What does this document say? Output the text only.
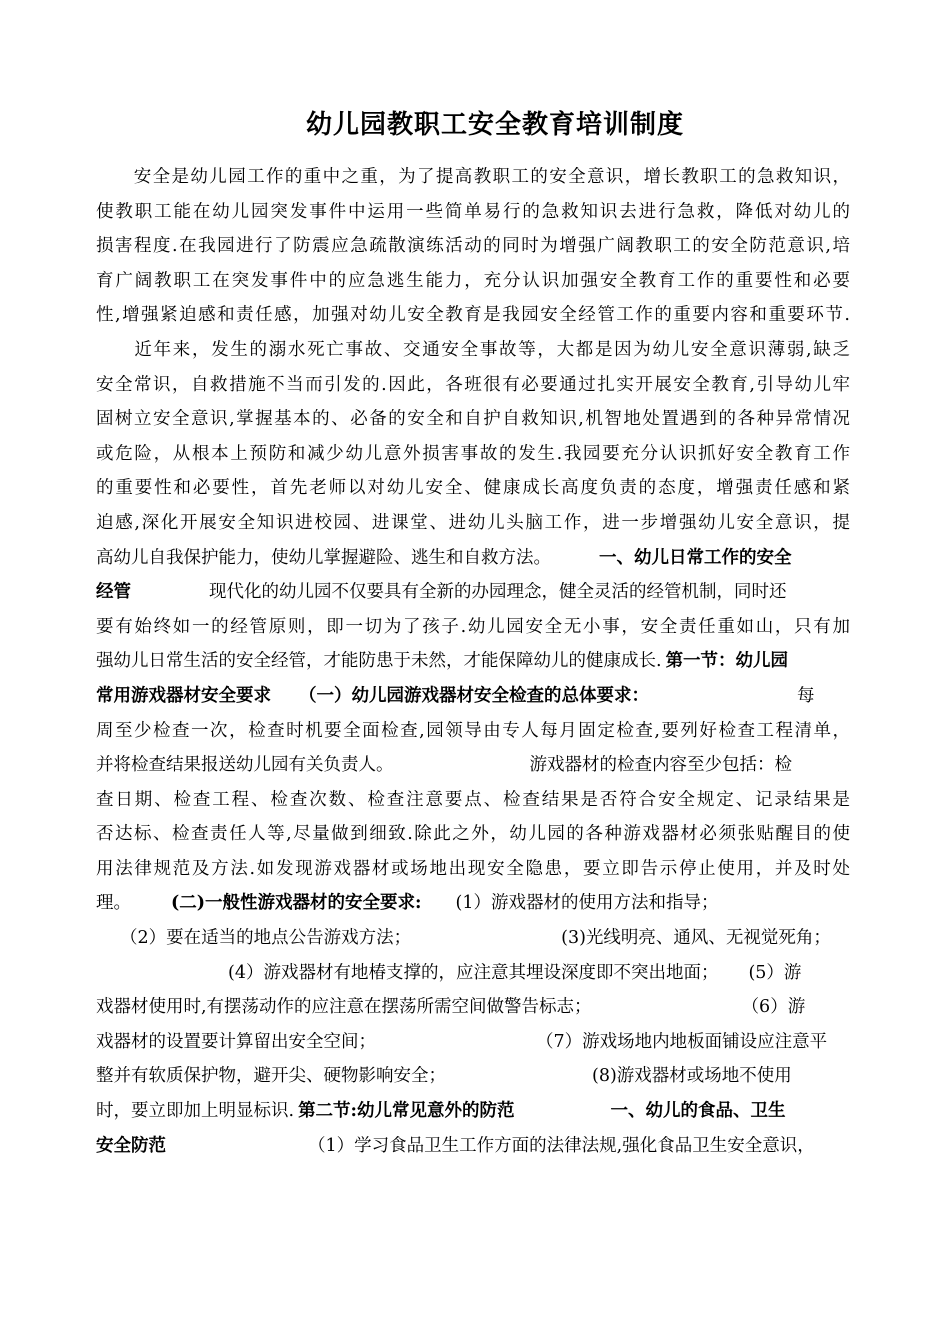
幼儿园教职工安全教育培训制度
　　安全是幼儿园工作的重中之重，为了提高教职工的安全意识，增长教职工的急救知识，
使教职工能在幼儿园突发事件中运用一些简单易行的急救知识去进行急救，降低对幼儿的
损害程度.在我园进行了防震应急疏散演练活动的同时为增强广阔教职工的安全防范意识,培
育广阔教职工在突发事件中的应急逃生能力，充分认识加强安全教育工作的重要性和必要
性,增强紧迫感和责任感，加强对幼儿安全教育是我园安全经管工作的重要内容和重要环节.
　　近年来，发生的溺水死亡事故、交通安全事故等，大都是因为幼儿安全意识薄弱,缺乏
安全常识，自救措施不当而引发的.因此，各班很有必要通过扎实开展安全教育,引导幼儿牢
固树立安全意识,掌握基本的、必备的安全和自护自救知识,机智地处置遇到的各种异常情况
或危险，从根本上预防和减少幼儿意外损害事故的发生.我园要充分认识抓好安全教育工作
的重要性和必要性，首先老师以对幼儿安全、健康成长高度负责的态度，增强责任感和紧
迫感,深化开展安全知识进校园、进课堂、进幼儿头脑工作，进一步增强幼儿安全意识，提
高幼儿自我保护能力，使幼儿掌握避险、逃生和自救方法。	一、幼儿日常工作的安全
经管	现代化的幼儿园不仅要具有全新的办园理念，健全灵活的经管机制，同时还
要有始终如一的经管原则，即一切为了孩子.幼儿园安全无小事，安全责任重如山，只有加
强幼儿日常生活的安全经管，才能防患于未然，才能保障幼儿的健康成长. 第一节：幼儿园
常用游戏器材安全要求 （一）幼儿园游戏器材安全检查的总体要求：	每
周至少检查一次，检查时机要全面检查,园领导由专人每月固定检查,要列好检查工程清单，
并将检查结果报送幼儿园有关负责人。	游戏器材的检查内容至少包括：检
查日期、检查工程、检查次数、检查注意要点、检查结果是否符合安全规定、记录结果是
否达标、检查责任人等,尽量做到细致.除此之外，幼儿园的各种游戏器材必须张贴醒目的使
用法律规范及方法.如发现游戏器材或场地出现安全隐患，要立即告示停止使用，并及时处
理。 (二)一般性游戏器材的安全要求: (1）游戏器材的使用方法和指导；
（2）要在适当的地点公告游戏方法；	(3)光线明亮、通风、无视觉死角；
(4）游戏器材有地椿支撑的，应注意其埋设深度即不突出地面； (5）游
戏器材使用时,有摆荡动作的应注意在摆荡所需空间做警告标志；	（6）游
戏器材的设置要计算留出安全空间；	（7）游戏场地内地板面铺设应注意平
整并有软质保护物，避开尖、硬物影响安全；	(8)游戏器材或场地不使用
时，要立即加上明显标识. 第二节:幼儿常见意外的防范	一、幼儿的食品、卫生
安全防范	（1）学习食品卫生工作方面的法律法规,强化食品卫生安全意识，
